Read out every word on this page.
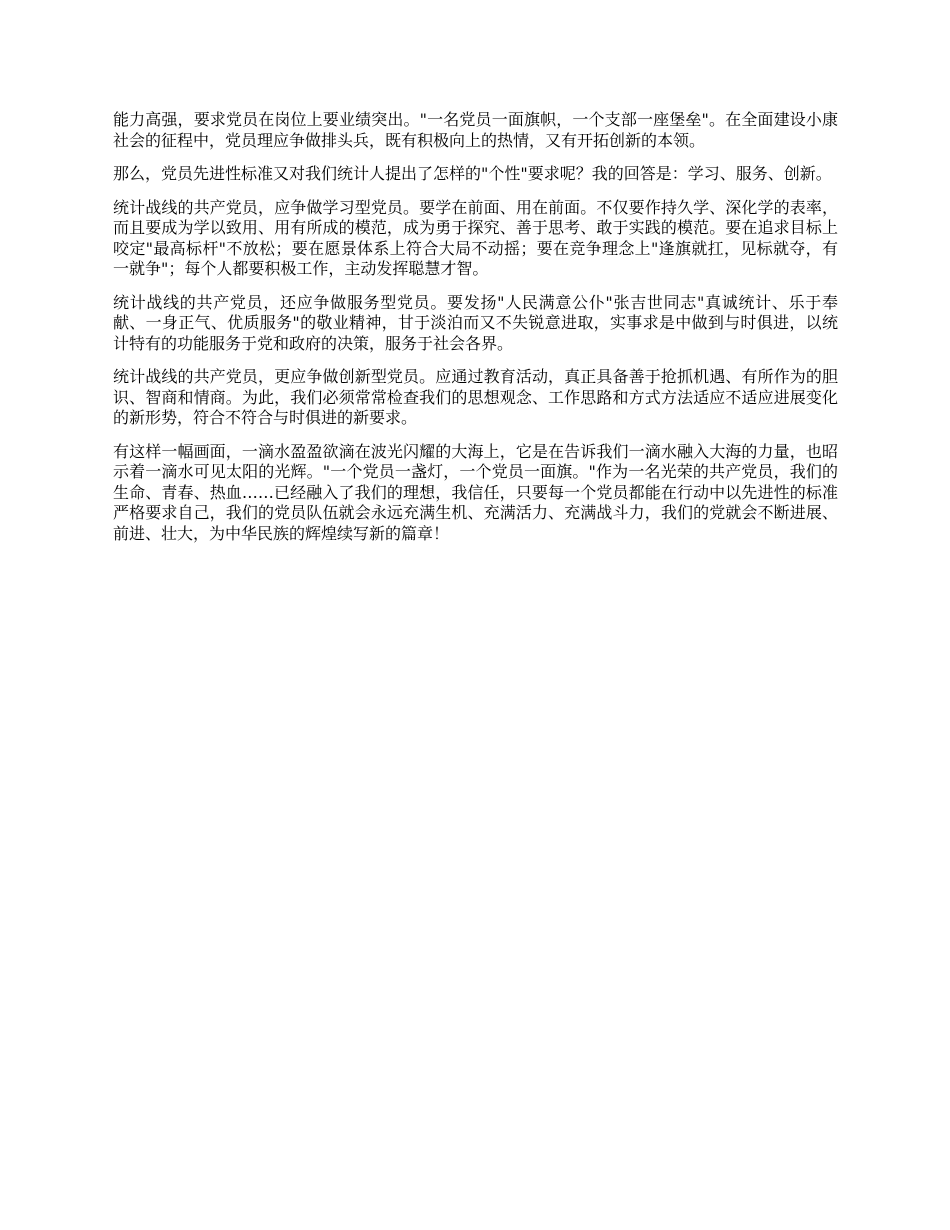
能力高强，要求党员在岗位上要业绩突出。"一名党员一面旗帜，一个支部一座堡垒"。在全面建设小康社会的征程中，党员理应争做排头兵，既有积极向上的热情，又有开拓创新的本领。

那么，党员先进性标准又对我们统计人提出了怎样的"个性"要求呢？我的回答是：学习、服务、创新。

统计战线的共产党员，应争做学习型党员。要学在前面、用在前面。不仅要作持久学、深化学的表率，而且要成为学以致用、用有所成的模范，成为勇于探究、善于思考、敢于实践的模范。要在追求目标上咬定"最高标杆"不放松；要在愿景体系上符合大局不动摇；要在竞争理念上"逢旗就扛，见标就夺，有一就争"；每个人都要积极工作，主动发挥聪慧才智。

统计战线的共产党员，还应争做服务型党员。要发扬"人民满意公仆"张吉世同志"真诚统计、乐于奉献、一身正气、优质服务"的敬业精神，甘于淡泊而又不失锐意进取，实事求是中做到与时俱进，以统计特有的功能服务于党和政府的决策，服务于社会各界。

统计战线的共产党员，更应争做创新型党员。应通过教育活动，真正具备善于抢抓机遇、有所作为的胆识、智商和情商。为此，我们必须常常检查我们的思想观念、工作思路和方式方法适应不适应进展变化的新形势，符合不符合与时俱进的新要求。

有这样一幅画面，一滴水盈盈欲滴在波光闪耀的大海上，它是在告诉我们一滴水融入大海的力量，也昭示着一滴水可见太阳的光辉。"一个党员一盏灯，一个党员一面旗。"作为一名光荣的共产党员，我们的生命、青春、热血……已经融入了我们的理想，我信任，只要每一个党员都能在行动中以先进性的标准严格要求自己，我们的党员队伍就会永远充满生机、充满活力、充满战斗力，我们的党就会不断进展、前进、壮大，为中华民族的辉煌续写新的篇章！
